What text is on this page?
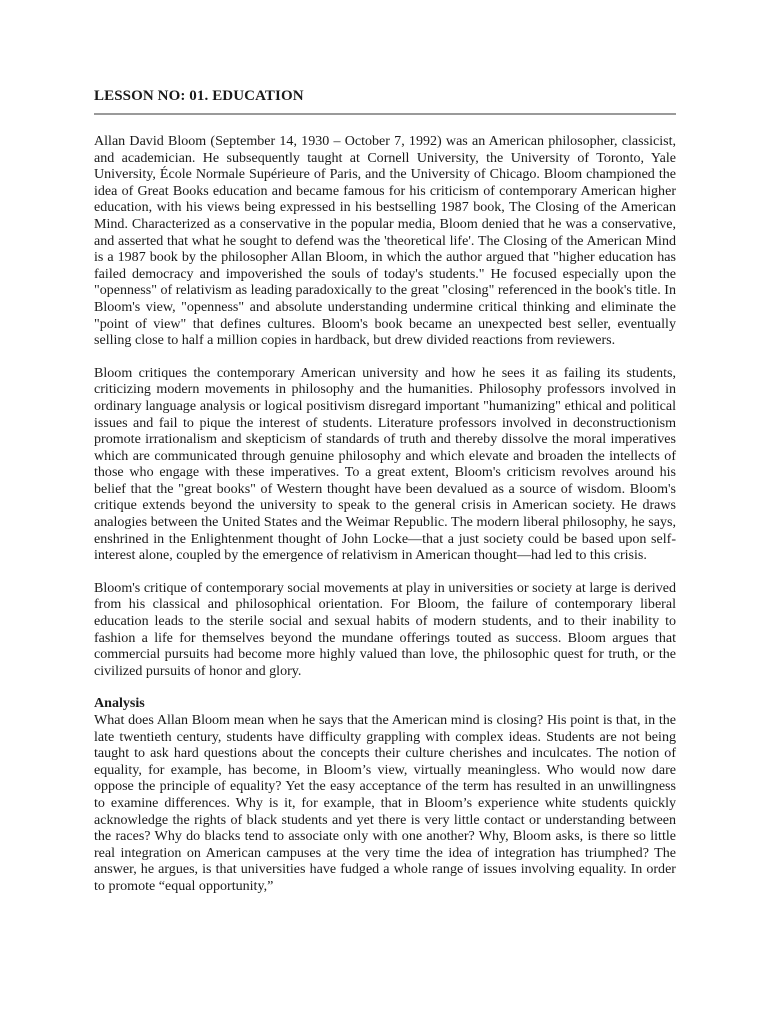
LESSON NO: 01. EDUCATION

Allan David Bloom (September 14, 1930 – October 7, 1992) was an American philosopher, classicist, and academician. He subsequently taught at Cornell University, the University of Toronto, Yale University, École Normale Supérieure of Paris, and the University of Chicago. Bloom championed the idea of Great Books education and became famous for his criticism of contemporary American higher education, with his views being expressed in his bestselling 1987 book, The Closing of the American Mind. Characterized as a conservative in the popular media, Bloom denied that he was a conservative, and asserted that what he sought to defend was the 'theoretical life'. The Closing of the American Mind is a 1987 book by the philosopher Allan Bloom, in which the author argued that "higher education has failed democracy and impoverished the souls of today's students." He focused especially upon the "openness" of relativism as leading paradoxically to the great "closing" referenced in the book's title. In Bloom's view, "openness" and absolute understanding undermine critical thinking and eliminate the "point of view" that defines cultures. Bloom's book became an unexpected best seller, eventually selling close to half a million copies in hardback, but drew divided reactions from reviewers.

Bloom critiques the contemporary American university and how he sees it as failing its students, criticizing modern movements in philosophy and the humanities. Philosophy professors involved in ordinary language analysis or logical positivism disregard important "humanizing" ethical and political issues and fail to pique the interest of students. Literature professors involved in deconstructionism promote irrationalism and skepticism of standards of truth and thereby dissolve the moral imperatives which are communicated through genuine philosophy and which elevate and broaden the intellects of those who engage with these imperatives. To a great extent, Bloom's criticism revolves around his belief that the "great books" of Western thought have been devalued as a source of wisdom. Bloom's critique extends beyond the university to speak to the general crisis in American society. He draws analogies between the United States and the Weimar Republic. The modern liberal philosophy, he says, enshrined in the Enlightenment thought of John Locke—that a just society could be based upon self-interest alone, coupled by the emergence of relativism in American thought—had led to this crisis.

Bloom's critique of contemporary social movements at play in universities or society at large is derived from his classical and philosophical orientation. For Bloom, the failure of contemporary liberal education leads to the sterile social and sexual habits of modern students, and to their inability to fashion a life for themselves beyond the mundane offerings touted as success. Bloom argues that commercial pursuits had become more highly valued than love, the philosophic quest for truth, or the civilized pursuits of honor and glory.

Analysis

What does Allan Bloom mean when he says that the American mind is closing? His point is that, in the late twentieth century, students have difficulty grappling with complex ideas. Students are not being taught to ask hard questions about the concepts their culture cherishes and inculcates. The notion of equality, for example, has become, in Bloom’s view, virtually meaningless. Who would now dare oppose the principle of equality? Yet the easy acceptance of the term has resulted in an unwillingness to examine differences. Why is it, for example, that in Bloom’s experience white students quickly acknowledge the rights of black students and yet there is very little contact or understanding between the races? Why do blacks tend to associate only with one another? Why, Bloom asks, is there so little real integration on American campuses at the very time the idea of integration has triumphed? The answer, he argues, is that universities have fudged a whole range of issues involving equality. In order to promote “equal opportunity,”
